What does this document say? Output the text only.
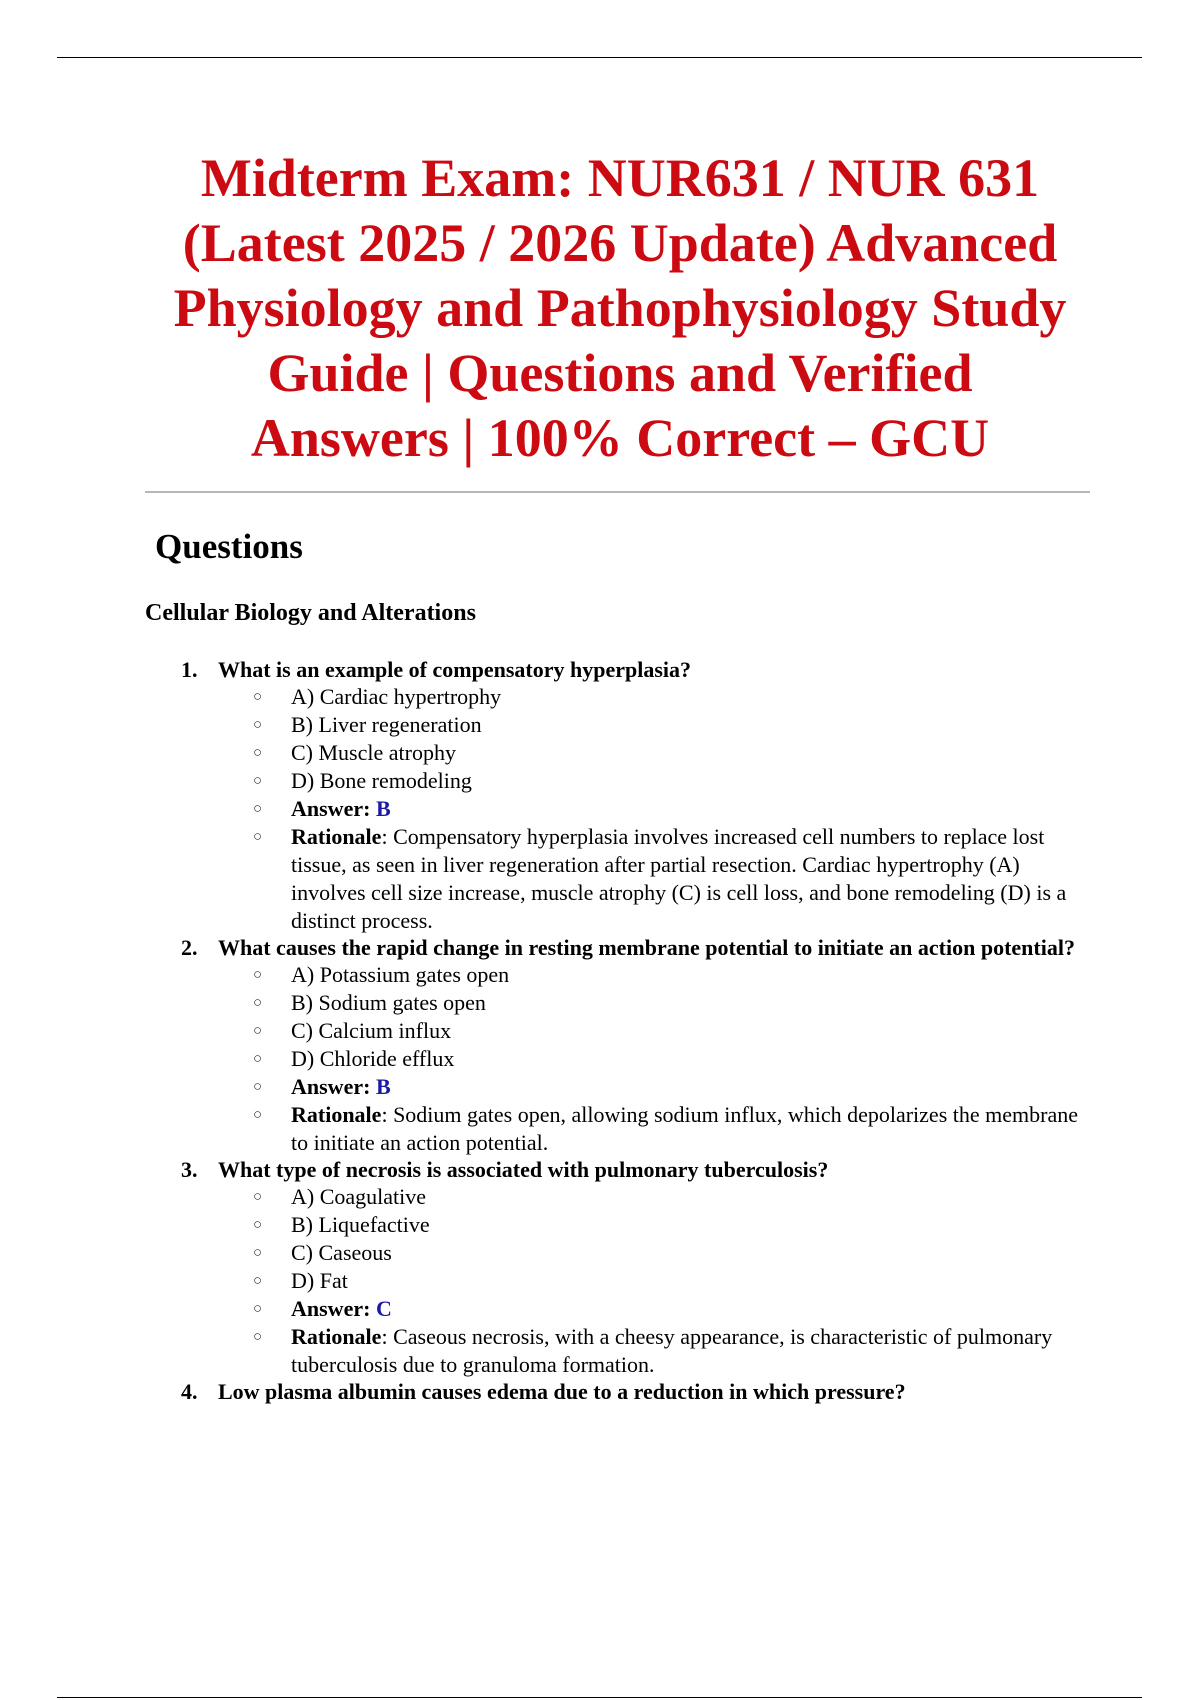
Midterm Exam: NUR631 / NUR 631
(Latest 2025 / 2026 Update) Advanced
Physiology and Pathophysiology Study
Guide | Questions and Verified
Answers | 100% Correct – GCU
Questions
Cellular Biology and Alterations
1. What is an example of compensatory hyperplasia?
○ A) Cardiac hypertrophy
○ B) Liver regeneration
○ C) Muscle atrophy
○ D) Bone remodeling
○ Answer: B
○ Rationale: Compensatory hyperplasia involves increased cell numbers to replace lost tissue, as seen in liver regeneration after partial resection. Cardiac hypertrophy (A) involves cell size increase, muscle atrophy (C) is cell loss, and bone remodeling (D) is a distinct process.
2. What causes the rapid change in resting membrane potential to initiate an action potential?
○ A) Potassium gates open
○ B) Sodium gates open
○ C) Calcium influx
○ D) Chloride efflux
○ Answer: B
○ Rationale: Sodium gates open, allowing sodium influx, which depolarizes the membrane to initiate an action potential.
3. What type of necrosis is associated with pulmonary tuberculosis?
○ A) Coagulative
○ B) Liquefactive
○ C) Caseous
○ D) Fat
○ Answer: C
○ Rationale: Caseous necrosis, with a cheesy appearance, is characteristic of pulmonary tuberculosis due to granuloma formation.
4. Low plasma albumin causes edema due to a reduction in which pressure?
